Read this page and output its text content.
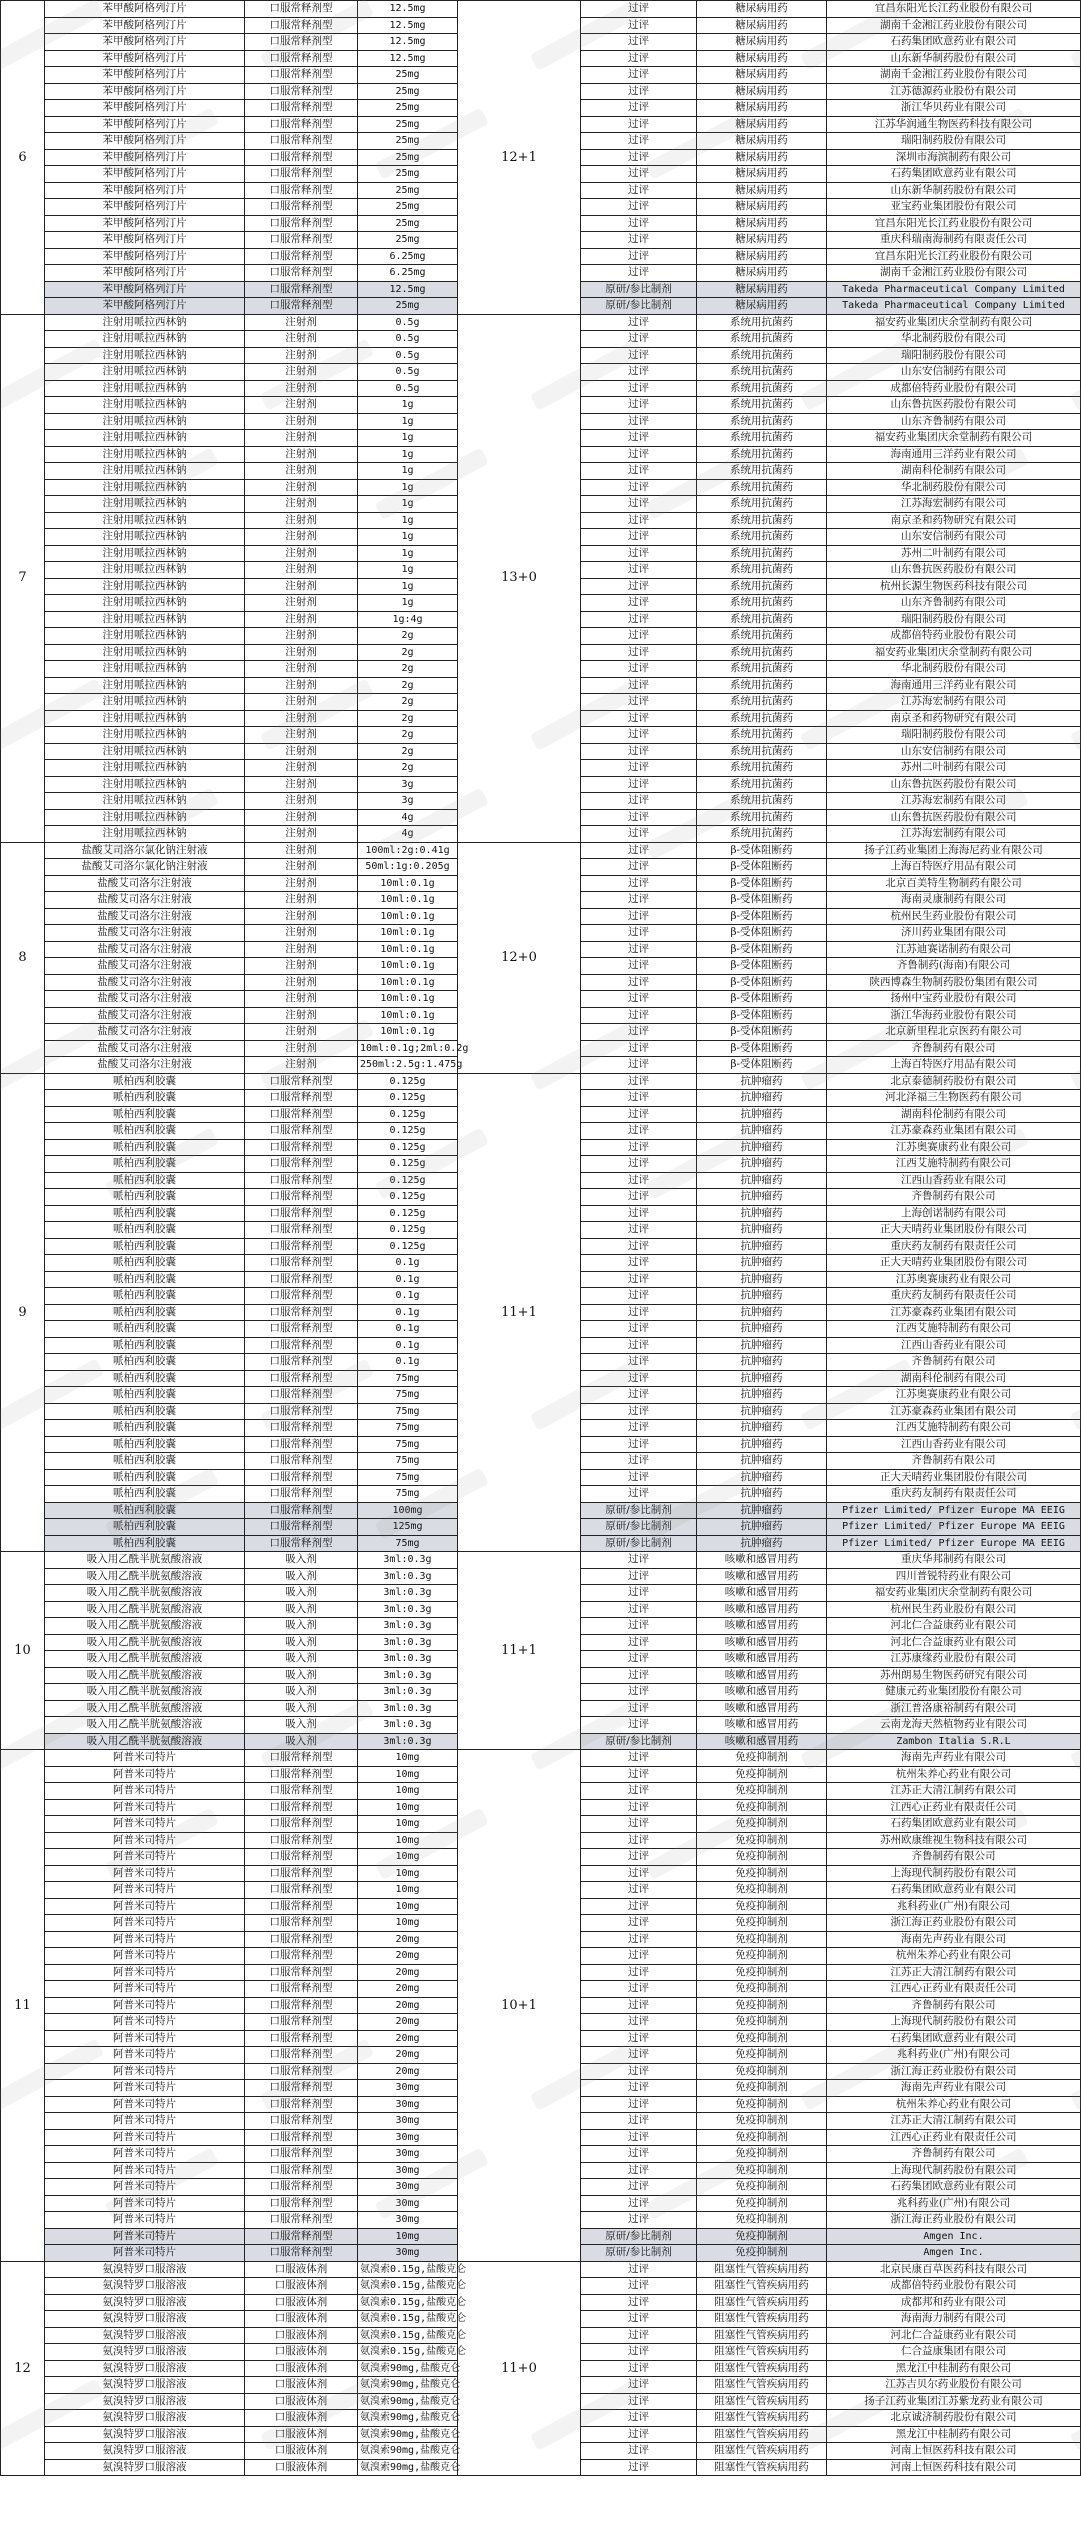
6	苯甲酸阿格列汀片	口服常释剂型	12.5mg	12+1	过评	糖尿病用药	宜昌东阳光长江药业股份有限公司
	苯甲酸阿格列汀片	口服常释剂型	12.5mg		过评	糖尿病用药	湖南千金湘江药业股份有限公司
	苯甲酸阿格列汀片	口服常释剂型	12.5mg		过评	糖尿病用药	石药集团欧意药业有限公司
	苯甲酸阿格列汀片	口服常释剂型	12.5mg		过评	糖尿病用药	山东新华制药股份有限公司
	苯甲酸阿格列汀片	口服常释剂型	25mg		过评	糖尿病用药	湖南千金湘江药业股份有限公司
	苯甲酸阿格列汀片	口服常释剂型	25mg		过评	糖尿病用药	江苏德源药业股份有限公司
	苯甲酸阿格列汀片	口服常释剂型	25mg		过评	糖尿病用药	浙江华贝药业有限公司
	苯甲酸阿格列汀片	口服常释剂型	25mg		过评	糖尿病用药	江苏华润通生物医药科技有限公司
	苯甲酸阿格列汀片	口服常释剂型	25mg		过评	糖尿病用药	瑞阳制药股份有限公司
	苯甲酸阿格列汀片	口服常释剂型	25mg		过评	糖尿病用药	深圳市海滨制药有限公司
	苯甲酸阿格列汀片	口服常释剂型	25mg		过评	糖尿病用药	石药集团欧意药业有限公司
	苯甲酸阿格列汀片	口服常释剂型	25mg		过评	糖尿病用药	山东新华制药股份有限公司
	苯甲酸阿格列汀片	口服常释剂型	25mg		过评	糖尿病用药	亚宝药业集团股份有限公司
	苯甲酸阿格列汀片	口服常释剂型	25mg		过评	糖尿病用药	宜昌东阳光长江药业股份有限公司
	苯甲酸阿格列汀片	口服常释剂型	25mg		过评	糖尿病用药	重庆科瑞南海制药有限责任公司
	苯甲酸阿格列汀片	口服常释剂型	6.25mg		过评	糖尿病用药	宜昌东阳光长江药业股份有限公司
	苯甲酸阿格列汀片	口服常释剂型	6.25mg		过评	糖尿病用药	湖南千金湘江药业股份有限公司
	苯甲酸阿格列汀片	口服常释剂型	12.5mg		原研/参比制剂	糖尿病用药	Takeda Pharmaceutical Company Limited
	苯甲酸阿格列汀片	口服常释剂型	25mg		原研/参比制剂	糖尿病用药	Takeda Pharmaceutical Company Limited
7	注射用哌拉西林钠	注射剂	0.5g	13+0	过评	系统用抗菌药	福安药业集团庆余堂制药有限公司
	注射用哌拉西林钠	注射剂	0.5g		过评	系统用抗菌药	华北制药股份有限公司
	注射用哌拉西林钠	注射剂	0.5g		过评	系统用抗菌药	瑞阳制药股份有限公司
	注射用哌拉西林钠	注射剂	0.5g		过评	系统用抗菌药	山东安信制药有限公司
	注射用哌拉西林钠	注射剂	0.5g		过评	系统用抗菌药	成都倍特药业股份有限公司
	注射用哌拉西林钠	注射剂	1g		过评	系统用抗菌药	山东鲁抗医药股份有限公司
	注射用哌拉西林钠	注射剂	1g		过评	系统用抗菌药	山东齐鲁制药有限公司
	注射用哌拉西林钠	注射剂	1g		过评	系统用抗菌药	福安药业集团庆余堂制药有限公司
	注射用哌拉西林钠	注射剂	1g		过评	系统用抗菌药	海南通用三洋药业有限公司
	注射用哌拉西林钠	注射剂	1g		过评	系统用抗菌药	湖南科伦制药有限公司
	注射用哌拉西林钠	注射剂	1g		过评	系统用抗菌药	华北制药股份有限公司
	注射用哌拉西林钠	注射剂	1g		过评	系统用抗菌药	江苏海宏制药有限公司
	注射用哌拉西林钠	注射剂	1g		过评	系统用抗菌药	南京圣和药物研究有限公司
	注射用哌拉西林钠	注射剂	1g		过评	系统用抗菌药	山东安信制药有限公司
	注射用哌拉西林钠	注射剂	1g		过评	系统用抗菌药	苏州二叶制药有限公司
	注射用哌拉西林钠	注射剂	1g		过评	系统用抗菌药	山东鲁抗医药股份有限公司
	注射用哌拉西林钠	注射剂	1g		过评	系统用抗菌药	杭州长源生物医药科技有限公司
	注射用哌拉西林钠	注射剂	1g		过评	系统用抗菌药	山东齐鲁制药有限公司
	注射用哌拉西林钠	注射剂	1g:4g		过评	系统用抗菌药	瑞阳制药股份有限公司
	注射用哌拉西林钠	注射剂	2g		过评	系统用抗菌药	成都倍特药业股份有限公司
	注射用哌拉西林钠	注射剂	2g		过评	系统用抗菌药	福安药业集团庆余堂制药有限公司
	注射用哌拉西林钠	注射剂	2g		过评	系统用抗菌药	华北制药股份有限公司
	注射用哌拉西林钠	注射剂	2g		过评	系统用抗菌药	海南通用三洋药业有限公司
	注射用哌拉西林钠	注射剂	2g		过评	系统用抗菌药	江苏海宏制药有限公司
	注射用哌拉西林钠	注射剂	2g		过评	系统用抗菌药	南京圣和药物研究有限公司
	注射用哌拉西林钠	注射剂	2g		过评	系统用抗菌药	瑞阳制药股份有限公司
	注射用哌拉西林钠	注射剂	2g		过评	系统用抗菌药	山东安信制药有限公司
	注射用哌拉西林钠	注射剂	2g		过评	系统用抗菌药	苏州二叶制药有限公司
	注射用哌拉西林钠	注射剂	3g		过评	系统用抗菌药	山东鲁抗医药股份有限公司
	注射用哌拉西林钠	注射剂	3g		过评	系统用抗菌药	江苏海宏制药有限公司
	注射用哌拉西林钠	注射剂	4g		过评	系统用抗菌药	山东鲁抗医药股份有限公司
	注射用哌拉西林钠	注射剂	4g		过评	系统用抗菌药	江苏海宏制药有限公司
8	盐酸艾司洛尔氯化钠注射液	注射剂	100ml:2g:0.41g	12+0	过评	β-受体阻断药	扬子江药业集团上海海尼药业有限公司
	盐酸艾司洛尔氯化钠注射液	注射剂	50ml:1g:0.205g		过评	β-受体阻断药	上海百特医疗用品有限公司
	盐酸艾司洛尔注射液	注射剂	10ml:0.1g		过评	β-受体阻断药	北京百美特生物制药有限公司
	盐酸艾司洛尔注射液	注射剂	10ml:0.1g		过评	β-受体阻断药	海南灵康制药有限公司
	盐酸艾司洛尔注射液	注射剂	10ml:0.1g		过评	β-受体阻断药	杭州民生药业股份有限公司
	盐酸艾司洛尔注射液	注射剂	10ml:0.1g		过评	β-受体阻断药	济川药业集团有限公司
	盐酸艾司洛尔注射液	注射剂	10ml:0.1g		过评	β-受体阻断药	江苏迪赛诺制药有限公司
	盐酸艾司洛尔注射液	注射剂	10ml:0.1g		过评	β-受体阻断药	齐鲁制药(海南)有限公司
	盐酸艾司洛尔注射液	注射剂	10ml:0.1g		过评	β-受体阻断药	陕西博森生物制药股份集团有限公司
	盐酸艾司洛尔注射液	注射剂	10ml:0.1g		过评	β-受体阻断药	扬州中宝药业股份有限公司
	盐酸艾司洛尔注射液	注射剂	10ml:0.1g		过评	β-受体阻断药	浙江华海药业股份有限公司
	盐酸艾司洛尔注射液	注射剂	10ml:0.1g		过评	β-受体阻断药	北京新里程北京医药有限公司
	盐酸艾司洛尔注射液	注射剂	10ml:0.1g;2ml:0.2g		过评	β-受体阻断药	齐鲁制药有限公司
	盐酸艾司洛尔注射液	注射剂	250ml:2.5g:1.475g		过评	β-受体阻断药	上海百特医疗用品有限公司
9	哌柏西利胶囊	口服常释剂型	0.125g	11+1	过评	抗肿瘤药	北京泰德制药股份有限公司
	哌柏西利胶囊	口服常释剂型	0.125g		过评	抗肿瘤药	河北泽福三生物医药有限公司
	哌柏西利胶囊	口服常释剂型	0.125g		过评	抗肿瘤药	湖南科伦制药有限公司
	哌柏西利胶囊	口服常释剂型	0.125g		过评	抗肿瘤药	江苏豪森药业集团有限公司
	哌柏西利胶囊	口服常释剂型	0.125g		过评	抗肿瘤药	江苏奥赛康药业有限公司
	哌柏西利胶囊	口服常释剂型	0.125g		过评	抗肿瘤药	江西艾施特制药有限公司
	哌柏西利胶囊	口服常释剂型	0.125g		过评	抗肿瘤药	江西山香药业有限公司
	哌柏西利胶囊	口服常释剂型	0.125g		过评	抗肿瘤药	齐鲁制药有限公司
	哌柏西利胶囊	口服常释剂型	0.125g		过评	抗肿瘤药	上海创诺制药有限公司
	哌柏西利胶囊	口服常释剂型	0.125g		过评	抗肿瘤药	正大天晴药业集团股份有限公司
	哌柏西利胶囊	口服常释剂型	0.125g		过评	抗肿瘤药	重庆药友制药有限责任公司
	哌柏西利胶囊	口服常释剂型	0.1g		过评	抗肿瘤药	正大天晴药业集团股份有限公司
	哌柏西利胶囊	口服常释剂型	0.1g		过评	抗肿瘤药	江苏奥赛康药业有限公司
	哌柏西利胶囊	口服常释剂型	0.1g		过评	抗肿瘤药	重庆药友制药有限责任公司
	哌柏西利胶囊	口服常释剂型	0.1g		过评	抗肿瘤药	江苏豪森药业集团有限公司
	哌柏西利胶囊	口服常释剂型	0.1g		过评	抗肿瘤药	江西艾施特制药有限公司
	哌柏西利胶囊	口服常释剂型	0.1g		过评	抗肿瘤药	江西山香药业有限公司
	哌柏西利胶囊	口服常释剂型	0.1g		过评	抗肿瘤药	齐鲁制药有限公司
	哌柏西利胶囊	口服常释剂型	75mg		过评	抗肿瘤药	湖南科伦制药有限公司
	哌柏西利胶囊	口服常释剂型	75mg		过评	抗肿瘤药	江苏奥赛康药业有限公司
	哌柏西利胶囊	口服常释剂型	75mg		过评	抗肿瘤药	江苏豪森药业集团有限公司
	哌柏西利胶囊	口服常释剂型	75mg		过评	抗肿瘤药	江西艾施特制药有限公司
	哌柏西利胶囊	口服常释剂型	75mg		过评	抗肿瘤药	江西山香药业有限公司
	哌柏西利胶囊	口服常释剂型	75mg		过评	抗肿瘤药	齐鲁制药有限公司
	哌柏西利胶囊	口服常释剂型	75mg		过评	抗肿瘤药	正大天晴药业集团股份有限公司
	哌柏西利胶囊	口服常释剂型	75mg		过评	抗肿瘤药	重庆药友制药有限责任公司
	哌柏西利胶囊	口服常释剂型	100mg		原研/参比制剂	抗肿瘤药	Pfizer Limited/ Pfizer Europe MA EEIG
	哌柏西利胶囊	口服常释剂型	125mg		原研/参比制剂	抗肿瘤药	Pfizer Limited/ Pfizer Europe MA EEIG
	哌柏西利胶囊	口服常释剂型	75mg		原研/参比制剂	抗肿瘤药	Pfizer Limited/ Pfizer Europe MA EEIG
10	吸入用乙酰半胱氨酸溶液	吸入剂	3ml:0.3g	11+1	过评	咳嗽和感冒用药	重庆华邦制药有限公司
	吸入用乙酰半胱氨酸溶液	吸入剂	3ml:0.3g		过评	咳嗽和感冒用药	四川普锐特药业有限公司
	吸入用乙酰半胱氨酸溶液	吸入剂	3ml:0.3g		过评	咳嗽和感冒用药	福安药业集团庆余堂制药有限公司
	吸入用乙酰半胱氨酸溶液	吸入剂	3ml:0.3g		过评	咳嗽和感冒用药	杭州民生药业股份有限公司
	吸入用乙酰半胱氨酸溶液	吸入剂	3ml:0.3g		过评	咳嗽和感冒用药	河北仁合益康药业有限公司
	吸入用乙酰半胱氨酸溶液	吸入剂	3ml:0.3g		过评	咳嗽和感冒用药	河北仁合益康药业有限公司
	吸入用乙酰半胱氨酸溶液	吸入剂	3ml:0.3g		过评	咳嗽和感冒用药	江苏康缘药业股份有限公司
	吸入用乙酰半胱氨酸溶液	吸入剂	3ml:0.3g		过评	咳嗽和感冒用药	苏州朗易生物医药研究有限公司
	吸入用乙酰半胱氨酸溶液	吸入剂	3ml:0.3g		过评	咳嗽和感冒用药	健康元药业集团股份有限公司
	吸入用乙酰半胱氨酸溶液	吸入剂	3ml:0.3g		过评	咳嗽和感冒用药	浙江普洛康裕制药有限公司
	吸入用乙酰半胱氨酸溶液	吸入剂	3ml:0.3g		过评	咳嗽和感冒用药	云南龙海天然植物药业有限公司
	吸入用乙酰半胱氨酸溶液	吸入剂	3ml:0.3g		原研/参比制剂	咳嗽和感冒用药	Zambon Italia S.R.L
11	阿普米司特片	口服常释剂型	10mg	10+1	过评	免疫抑制剂	海南先声药业有限公司
	阿普米司特片	口服常释剂型	10mg		过评	免疫抑制剂	杭州朱养心药业有限公司
	阿普米司特片	口服常释剂型	10mg		过评	免疫抑制剂	江苏正大清江制药有限公司
	阿普米司特片	口服常释剂型	10mg		过评	免疫抑制剂	江西心正药业有限责任公司
	阿普米司特片	口服常释剂型	10mg		过评	免疫抑制剂	石药集团欧意药业有限公司
	阿普米司特片	口服常释剂型	10mg		过评	免疫抑制剂	苏州欧康维视生物科技有限公司
	阿普米司特片	口服常释剂型	10mg		过评	免疫抑制剂	齐鲁制药有限公司
	阿普米司特片	口服常释剂型	10mg		过评	免疫抑制剂	上海现代制药股份有限公司
	阿普米司特片	口服常释剂型	10mg		过评	免疫抑制剂	石药集团欧意药业有限公司
	阿普米司特片	口服常释剂型	10mg		过评	免疫抑制剂	兆科药业(广州)有限公司
	阿普米司特片	口服常释剂型	10mg		过评	免疫抑制剂	浙江海正药业股份有限公司
	阿普米司特片	口服常释剂型	20mg		过评	免疫抑制剂	海南先声药业有限公司
	阿普米司特片	口服常释剂型	20mg		过评	免疫抑制剂	杭州朱养心药业有限公司
	阿普米司特片	口服常释剂型	20mg		过评	免疫抑制剂	江苏正大清江制药有限公司
	阿普米司特片	口服常释剂型	20mg		过评	免疫抑制剂	江西心正药业有限责任公司
	阿普米司特片	口服常释剂型	20mg		过评	免疫抑制剂	齐鲁制药有限公司
	阿普米司特片	口服常释剂型	20mg		过评	免疫抑制剂	上海现代制药股份有限公司
	阿普米司特片	口服常释剂型	20mg		过评	免疫抑制剂	石药集团欧意药业有限公司
	阿普米司特片	口服常释剂型	20mg		过评	免疫抑制剂	兆科药业(广州)有限公司
	阿普米司特片	口服常释剂型	20mg		过评	免疫抑制剂	浙江海正药业股份有限公司
	阿普米司特片	口服常释剂型	30mg		过评	免疫抑制剂	海南先声药业有限公司
	阿普米司特片	口服常释剂型	30mg		过评	免疫抑制剂	杭州朱养心药业有限公司
	阿普米司特片	口服常释剂型	30mg		过评	免疫抑制剂	江苏正大清江制药有限公司
	阿普米司特片	口服常释剂型	30mg		过评	免疫抑制剂	江西心正药业有限责任公司
	阿普米司特片	口服常释剂型	30mg		过评	免疫抑制剂	齐鲁制药有限公司
	阿普米司特片	口服常释剂型	30mg		过评	免疫抑制剂	上海现代制药股份有限公司
	阿普米司特片	口服常释剂型	30mg		过评	免疫抑制剂	石药集团欧意药业有限公司
	阿普米司特片	口服常释剂型	30mg		过评	免疫抑制剂	兆科药业(广州)有限公司
	阿普米司特片	口服常释剂型	30mg		过评	免疫抑制剂	浙江海正药业股份有限公司
	阿普米司特片	口服常释剂型	10mg		原研/参比制剂	免疫抑制剂	Amgen Inc.
	阿普米司特片	口服常释剂型	30mg		原研/参比制剂	免疫抑制剂	Amgen Inc.
12	氨溴特罗口服溶液	口服液体剂	氨溴索0.15g,盐酸克仑	11+0	过评	阻塞性气管疾病用药	北京民康百草医药科技有限公司
	氨溴特罗口服溶液	口服液体剂	氨溴索0.15g,盐酸克仑		过评	阻塞性气管疾病用药	成都倍特药业股份有限公司
	氨溴特罗口服溶液	口服液体剂	氨溴索0.15g,盐酸克仑		过评	阻塞性气管疾病用药	成都邦和药业有限公司
	氨溴特罗口服溶液	口服液体剂	氨溴索0.15g,盐酸克仑		过评	阻塞性气管疾病用药	海南海力制药有限公司
	氨溴特罗口服溶液	口服液体剂	氨溴索0.15g,盐酸克仑		过评	阻塞性气管疾病用药	河北仁合益康药业有限公司
	氨溴特罗口服溶液	口服液体剂	氨溴索0.15g,盐酸克仑		过评	阻塞性气管疾病用药	仁合益康集团有限公司
	氨溴特罗口服溶液	口服液体剂	氨溴索90mg,盐酸克仑		过评	阻塞性气管疾病用药	黑龙江中桂制药有限公司
	氨溴特罗口服溶液	口服液体剂	氨溴索90mg,盐酸克仑		过评	阻塞性气管疾病用药	江苏吉贝尔药业股份有限公司
	氨溴特罗口服溶液	口服液体剂	氨溴索90mg,盐酸克仑		过评	阻塞性气管疾病用药	扬子江药业集团江苏紫龙药业有限公司
	氨溴特罗口服溶液	口服液体剂	氨溴索90mg,盐酸克仑		过评	阻塞性气管疾病用药	北京诚济制药股份有限公司
	氨溴特罗口服溶液	口服液体剂	氨溴索90mg,盐酸克仑		过评	阻塞性气管疾病用药	黑龙江中桂制药有限公司
	氨溴特罗口服溶液	口服液体剂	氨溴索90mg,盐酸克仑		过评	阻塞性气管疾病用药	河南上恒医药科技有限公司
	氨溴特罗口服溶液	口服液体剂	氨溴索90mg,盐酸克仑		过评	阻塞性气管疾病用药	河南上恒医药科技有限公司
